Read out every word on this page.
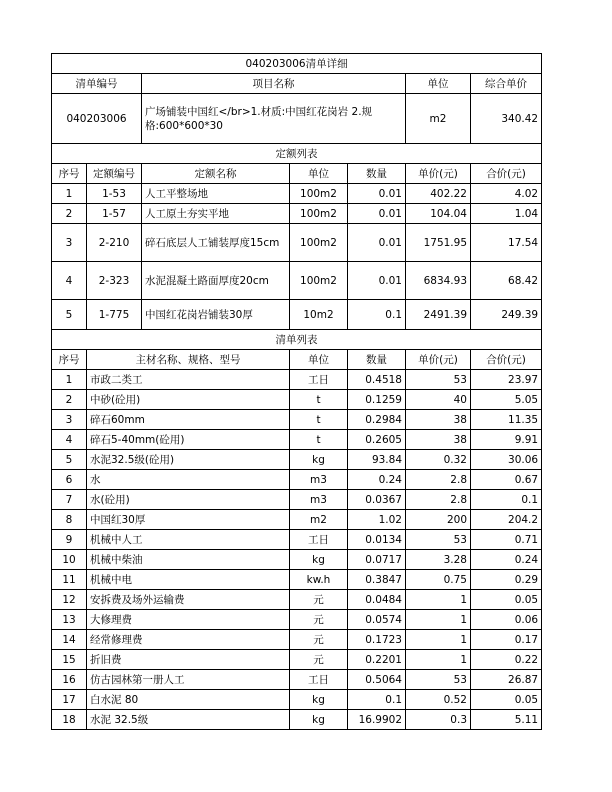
040203006清单详细						
清单编号		项目名称			单位	综合单价
040203006		广场铺装中国红</br>1.材质:中国红花岗岩 2.规格:600*600*30			m2	340.42
定额列表						
序号	定额编号	定额名称	单位	数量	单价(元)	合价(元)
1	1-53	人工平整场地	100m2	0.01	402.22	4.02
2	1-57	人工原土夯实平地	100m2	0.01	104.04	1.04
3	2-210	碎石底层人工铺装厚度15cm	100m2	0.01	1751.95	17.54
4	2-323	水泥混凝土路面厚度20cm	100m2	0.01	6834.93	68.42
5	1-775	中国红花岗岩铺装30厚	10m2	0.1	2491.39	249.39
清单列表						
序号	主材名称、规格、型号		单位	数量	单价(元)	合价(元)
1	市政二类工		工日	0.4518	53	23.97
2	中砂(砼用)		t	0.1259	40	5.05
3	碎石60mm		t	0.2984	38	11.35
4	碎石5-40mm(砼用)		t	0.2605	38	9.91
5	水泥32.5级(砼用)		kg	93.84	0.32	30.06
6	水		m3	0.24	2.8	0.67
7	水(砼用)		m3	0.0367	2.8	0.1
8	中国红30厚		m2	1.02	200	204.2
9	机械中人工		工日	0.0134	53	0.71
10	机械中柴油		kg	0.0717	3.28	0.24
11	机械中电		kw.h	0.3847	0.75	0.29
12	安拆费及场外运输费		元	0.0484	1	0.05
13	大修理费		元	0.0574	1	0.06
14	经常修理费		元	0.1723	1	0.17
15	折旧费		元	0.2201	1	0.22
16	仿古园林第一册人工		工日	0.5064	53	26.87
17	白水泥 80		kg	0.1	0.52	0.05
18	水泥 32.5级		kg	16.9902	0.3	5.11
